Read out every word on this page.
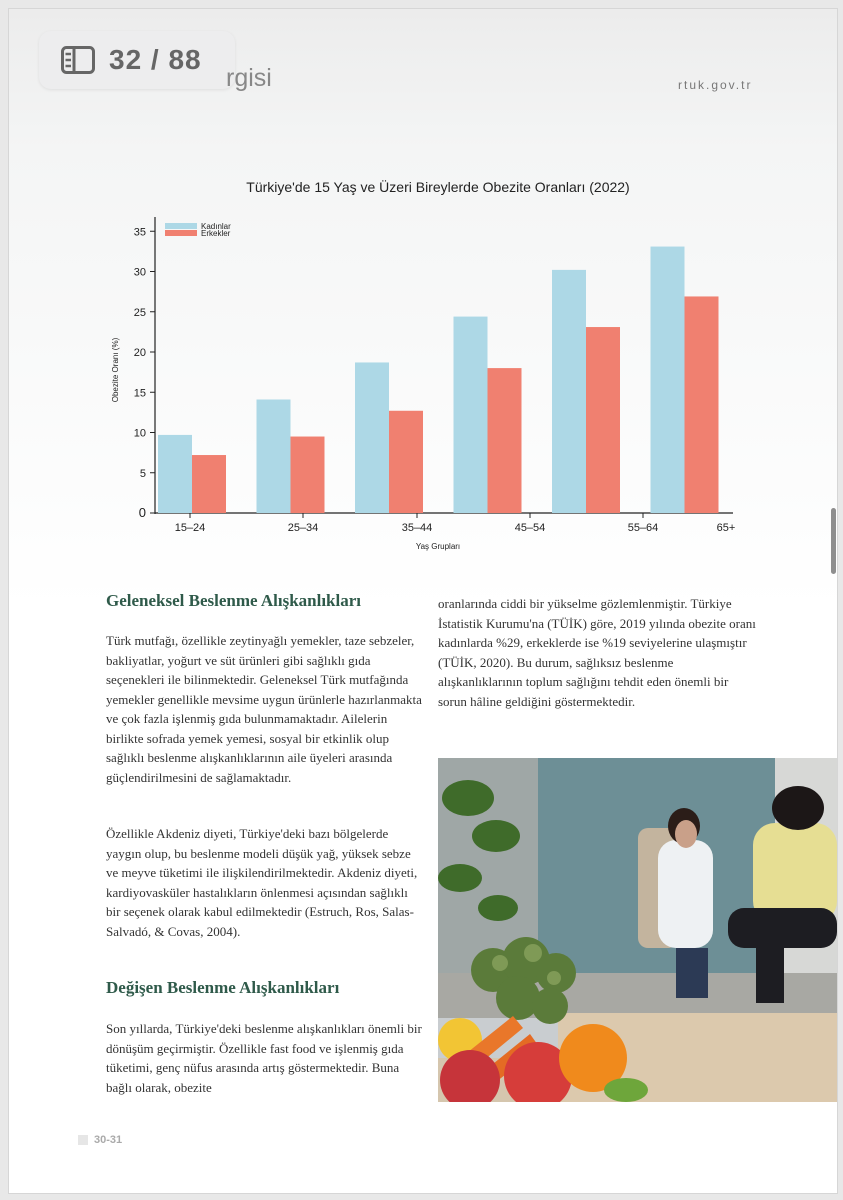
32 / 88
rgisi	rtuk.gov.tr
Türkiye'de 15 Yaş ve Üzeri Bireylerde Obezite Oranları (2022)
0
5
10
15
20
25
30
35
15–24	25–34	35–44	45–54	55–64	65+
Obezite Oranı (%)
Yaş Grupları
Kadınlar
Erkekler
Geleneksel Beslenme Alışkanlıkları

Türk mutfağı, özellikle zeytinyağlı yemekler, taze sebzeler, bakliyatlar, yoğurt ve süt ürünleri gibi sağlıklı gıda seçenekleri ile bilinmektedir. Geleneksel Türk mutfağında yemekler genellikle mevsime uygun ürünlerle hazırlanmakta ve çok fazla işlenmiş gıda bulunmamaktadır. Ailelerin birlikte sofrada yemek yemesi, sosyal bir etkinlik olup sağlıklı beslenme alışkanlıklarının aile üyeleri arasında güçlendirilmesini de sağlamaktadır.

Özellikle Akdeniz diyeti, Türkiye'deki bazı bölgelerde yaygın olup, bu beslenme modeli düşük yağ, yüksek sebze ve meyve tüketimi ile ilişkilendirilmektedir. Akdeniz diyeti, kardiyovasküler hastalıkların önlenmesi açısından sağlıklı bir seçenek olarak kabul edilmektedir (Estruch, Ros, Salas-Salvadó, & Covas, 2004).

Değişen Beslenme Alışkanlıkları

Son yıllarda, Türkiye'deki beslenme alışkanlıkları önemli bir dönüşüm geçirmiştir. Özellikle fast food ve işlenmiş gıda tüketimi, genç nüfus arasında artış göstermektedir. Buna bağlı olarak, obezite

oranlarında ciddi bir yükselme gözlemlenmiştir. Türkiye İstatistik Kurumu'na (TÜİK) göre, 2019 yılında obezite oranı kadınlarda %29, erkeklerde ise %19 seviyelerine ulaşmıştır (TÜİK, 2020). Bu durum, sağlıksız beslenme alışkanlıklarının toplum sağlığını tehdit eden önemli bir sorun hâline geldiğini göstermektedir.

30-31
